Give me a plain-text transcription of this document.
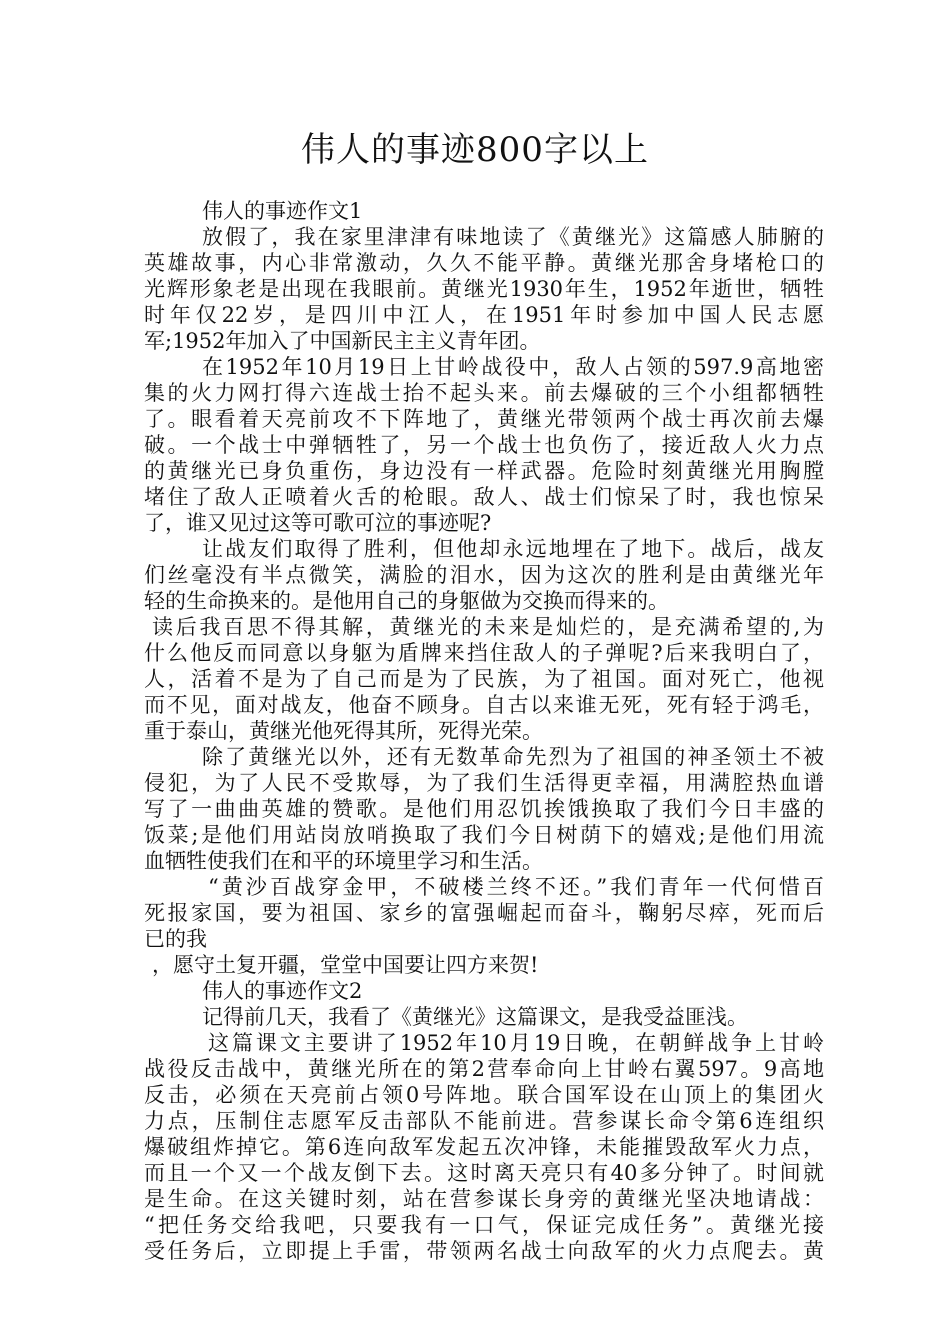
伟人的事迹800字以上
伟人的事迹作文1
放假了，我在家里津津有味地读了《黄继光》这篇感人肺腑的
英雄故事，内心非常激动，久久不能平静。黄继光那舍身堵枪口的
光辉形象老是出现在我眼前。黄继光1930年生，1952年逝世，牺牲
时年仅22岁，是四川中江人，在1951年时参加中国人民志愿
军;1952年加入了中国新民主主义青年团。
在1952年10月19日上甘岭战役中，敌人占领的597.9高地密
集的火力网打得六连战士抬不起头来。前去爆破的三个小组都牺牲
了。眼看着天亮前攻不下阵地了，黄继光带领两个战士再次前去爆
破。一个战士中弹牺牲了，另一个战士也负伤了，接近敌人火力点
的黄继光已身负重伤，身边没有一样武器。危险时刻黄继光用胸膛
堵住了敌人正喷着火舌的枪眼。敌人、战士们惊呆了时，我也惊呆
了，谁又见过这等可歌可泣的事迹呢?
让战友们取得了胜利，但他却永远地埋在了地下。战后，战友
们丝毫没有半点微笑，满脸的泪水，因为这次的胜利是由黄继光年
轻的生命换来的。是他用自己的身躯做为交换而得来的。
读后我百思不得其解，黄继光的未来是灿烂的，是充满希望的,为
什么他反而同意以身躯为盾牌来挡住敌人的子弹呢?后来我明白了，
人，活着不是为了自己而是为了民族，为了祖国。面对死亡，他视
而不见，面对战友，他奋不顾身。自古以来谁无死，死有轻于鸿毛，
重于泰山，黄继光他死得其所，死得光荣。
除了黄继光以外，还有无数革命先烈为了祖国的神圣领土不被
侵犯，为了人民不受欺辱，为了我们生活得更幸福，用满腔热血谱
写了一曲曲英雄的赞歌。是他们用忍饥挨饿换取了我们今日丰盛的
饭菜;是他们用站岗放哨换取了我们今日树荫下的嬉戏;是他们用流
血牺牲使我们在和平的环境里学习和生活。
“黄沙百战穿金甲，不破楼兰终不还。”我们青年一代何惜百
死报家国，要为祖国、家乡的富强崛起而奋斗，鞠躬尽瘁，死而后
已的我
，愿守土复开疆，堂堂中国要让四方来贺!
伟人的事迹作文2
记得前几天，我看了《黄继光》这篇课文，是我受益匪浅。
这篇课文主要讲了1952年10月19日晚，在朝鲜战争上甘岭
战役反击战中，黄继光所在的第2营奉命向上甘岭右翼597。9高地
反击，必须在天亮前占领0号阵地。联合国军设在山顶上的集团火
力点，压制住志愿军反击部队不能前进。营参谋长命令第6连组织
爆破组炸掉它。第6连向敌军发起五次冲锋，未能摧毁敌军火力点，
而且一个又一个战友倒下去。这时离天亮只有40多分钟了。时间就
是生命。在这关键时刻，站在营参谋长身旁的黄继光坚决地请战：
“把任务交给我吧，只要我有一口气，保证完成任务”。黄继光接
受任务后，立即提上手雷，带领两名战士向敌军的火力点爬去。黄
